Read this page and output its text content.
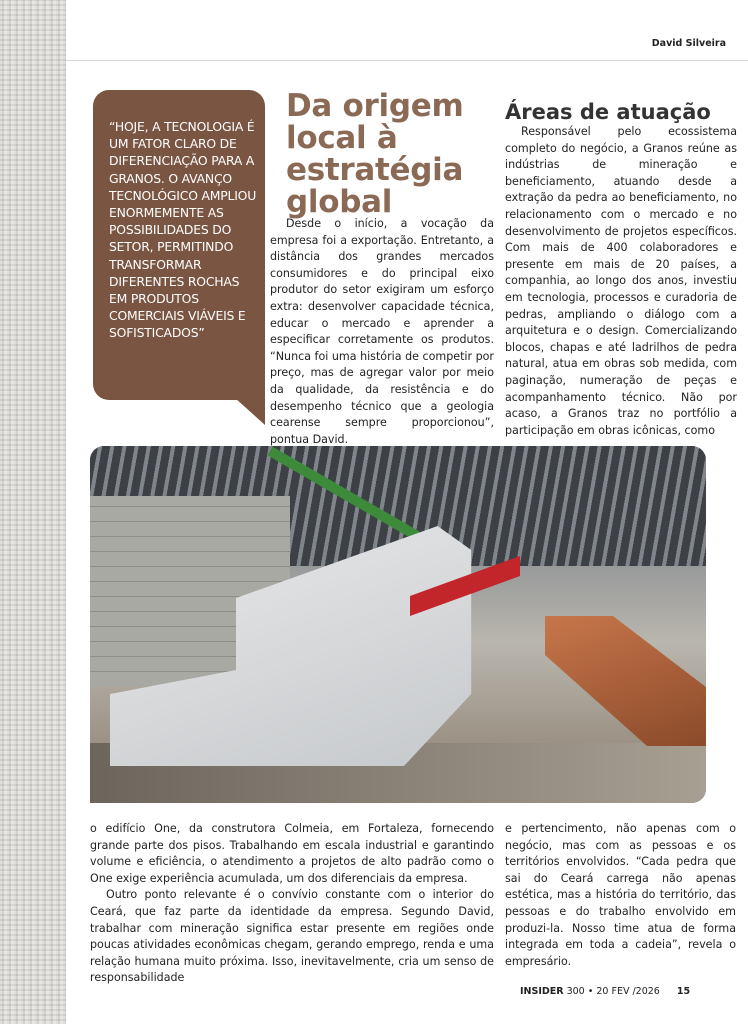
David Silveira
“HOJE, A TECNOLOGIA É UM FATOR CLARO DE DIFERENCIAÇÃO PARA A GRANOS. O AVANÇO TECNOLÓGICO AMPLIOU ENORMEMENTE AS POSSIBILIDADES DO SETOR, PERMITINDO TRANSFORMAR DIFERENTES ROCHAS EM PRODUTOS COMERCIAIS VIÁVEIS E SOFISTICADOS”
Da origem local à estratégia global

Desde o início, a vocação da empresa foi a exportação. Entretanto, a distância dos grandes mercados consumidores e do principal eixo produtor do setor exigiram um esforço extra: desenvolver capacidade técnica, educar o mercado e aprender a especificar corretamente os produtos. “Nunca foi uma história de competir por preço, mas de agregar valor por meio da qualidade, da resistência e do desempenho técnico que a geologia cearense sempre proporcionou”, pontua David.

Áreas de atuação

Responsável pelo ecossistema completo do negócio, a Granos reúne as indústrias de mineração e beneficiamento, atuando desde a extração da pedra ao beneficiamento, no relacionamento com o mercado e no desenvolvimento de projetos específicos. Com mais de 400 colaboradores e presente em mais de 20 países, a companhia, ao longo dos anos, investiu em tecnologia, processos e curadoria de pedras, ampliando o diálogo com a arquitetura e o design. Comercializando blocos, chapas e até ladrilhos de pedra natural, atua em obras sob medida, com paginação, numeração de peças e acompanhamento técnico. Não por acaso, a Granos traz no portfólio a participação em obras icônicas, como

o edifício One, da construtora Colmeia, em Fortaleza, fornecendo grande parte dos pisos. Trabalhando em escala industrial e garantindo volume e eficiência, o atendimento a projetos de alto padrão como o One exige experiência acumulada, um dos diferenciais da empresa.

Outro ponto relevante é o convívio constante com o interior do Ceará, que faz parte da identidade da empresa. Segundo David, trabalhar com mineração significa estar presente em regiões onde poucas atividades econômicas chegam, gerando emprego, renda e uma relação humana muito próxima. Isso, inevitavelmente, cria um senso de responsabilidade

e pertencimento, não apenas com o negócio, mas com as pessoas e os territórios envolvidos. “Cada pedra que sai do Ceará carrega não apenas estética, mas a história do território, das pessoas e do trabalho envolvido em produzi-la. Nosso time atua de forma integrada em toda a cadeia”, revela o empresário.

INSIDER 300 • 20 FEV /2026 15
